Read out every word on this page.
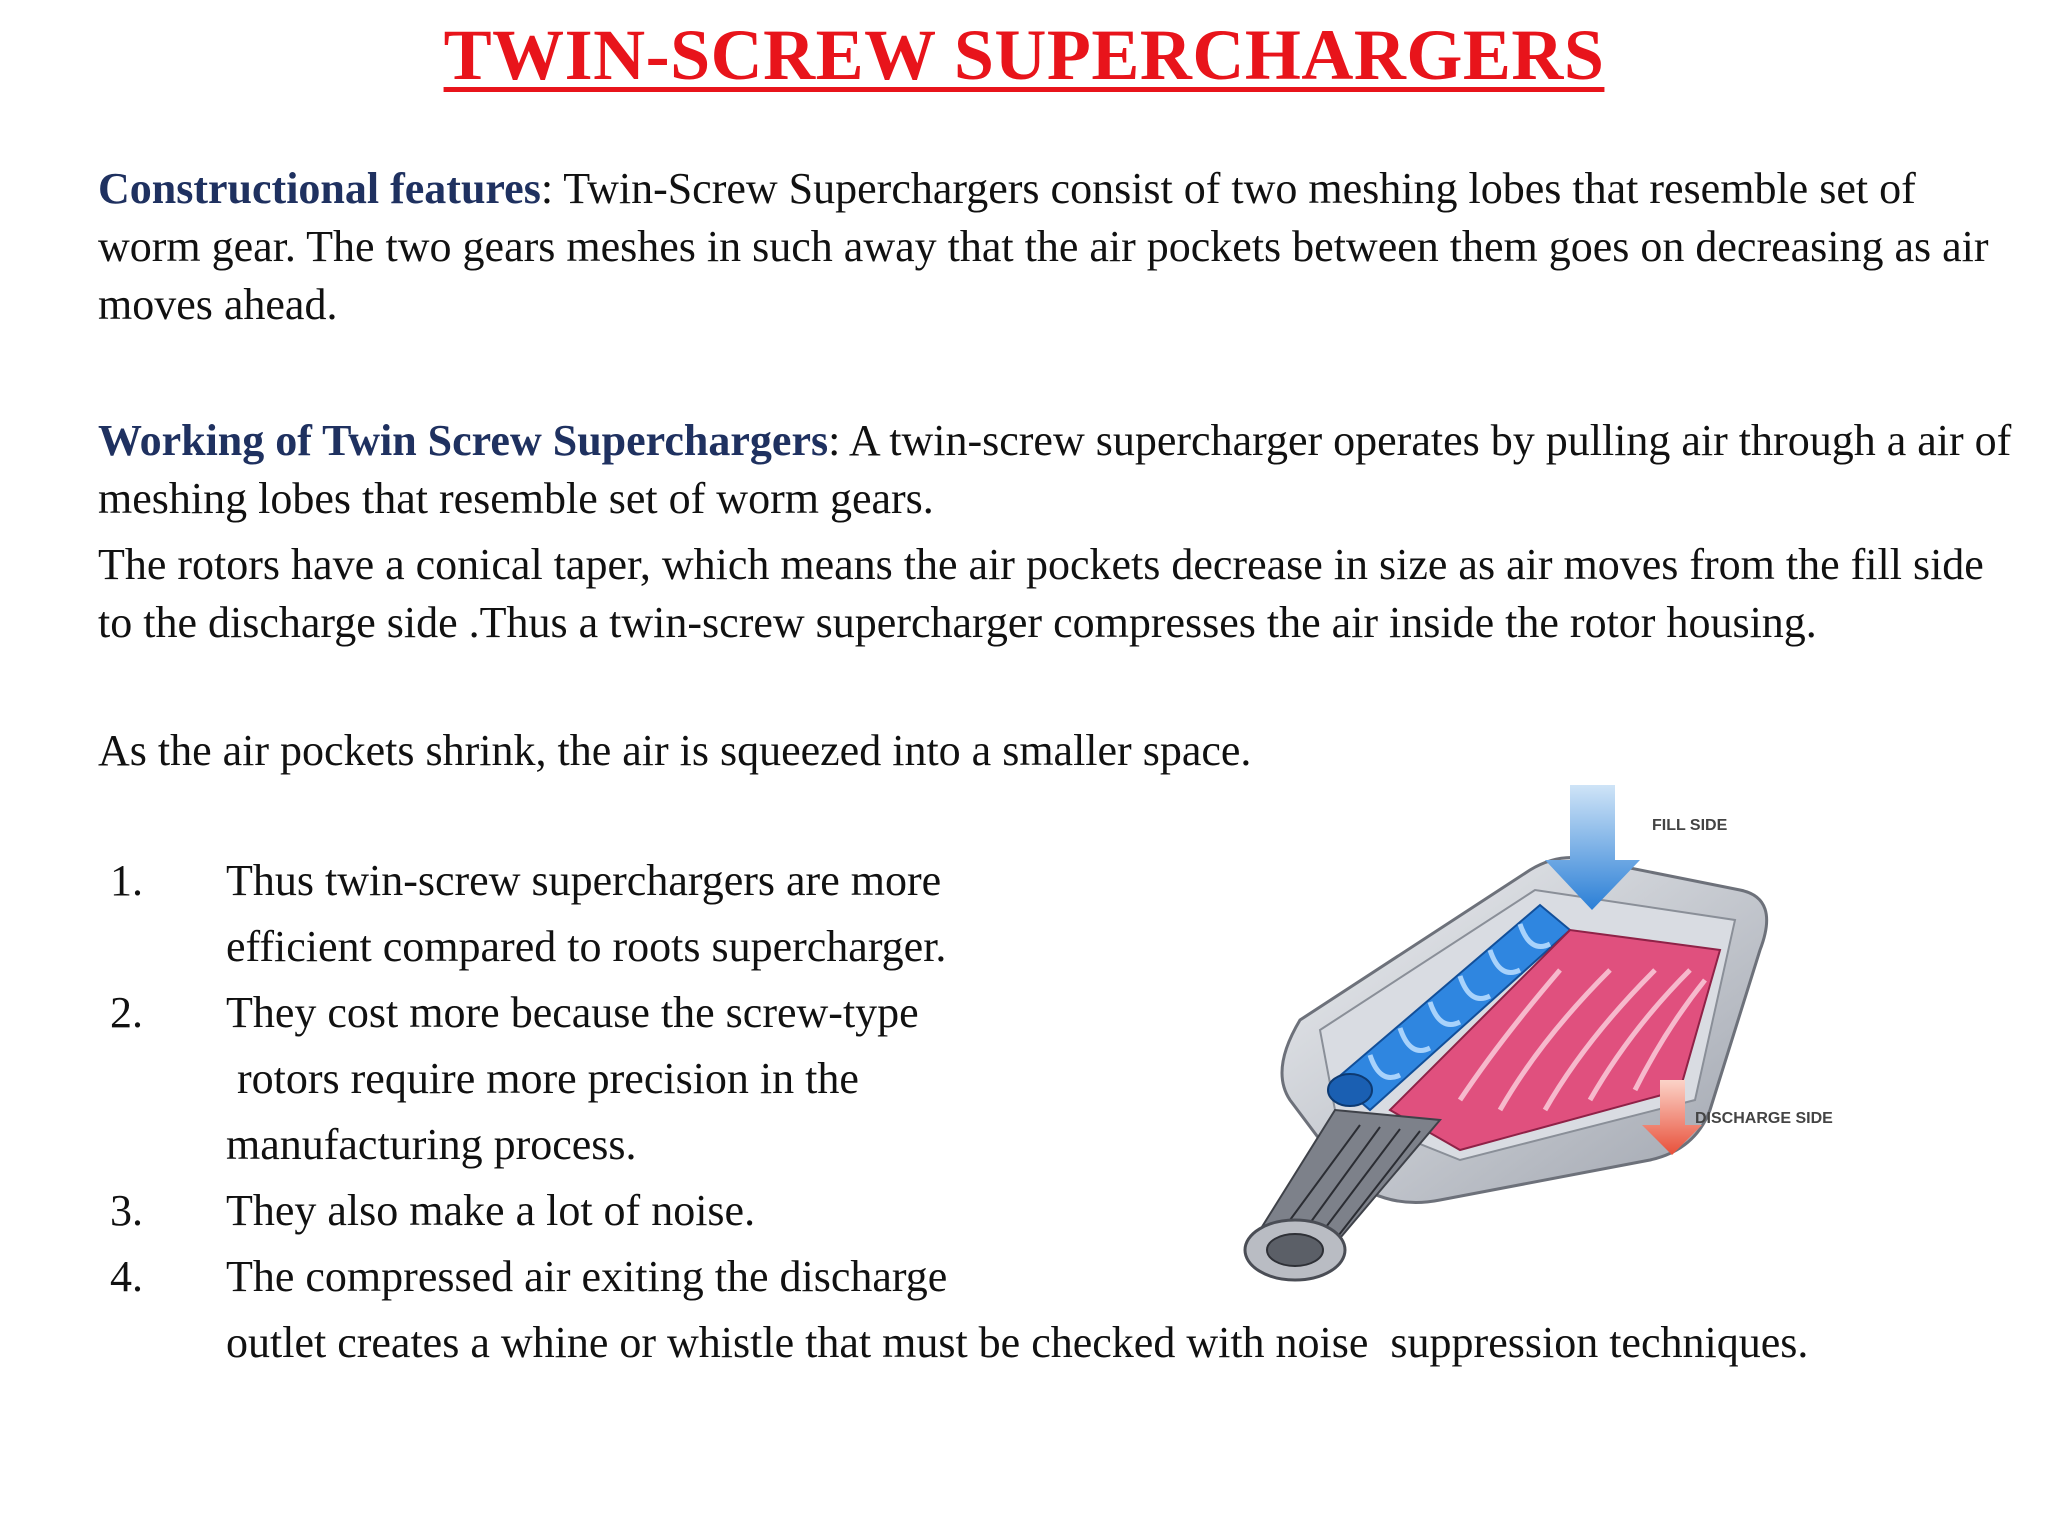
TWIN-SCREW SUPERCHARGERS
Constructional features: Twin-Screw Superchargers consist of two meshing lobes that resemble set of worm gear. The two gears meshes in such away that the air pockets between them goes on decreasing as air moves ahead.
Working of Twin Screw Superchargers: A twin-screw supercharger operates by pulling air through a air of meshing lobes that resemble set of worm gears.
The rotors have a conical taper, which means the air pockets decrease in size as air moves from the fill side to the discharge side .Thus a twin-screw supercharger compresses the air inside the rotor housing.
As the air pockets shrink, the air is squeezed into a smaller space.
1. Thus twin-screw superchargers are more
efficient compared to roots supercharger.
2. They cost more because the screw-type
rotors require more precision in the
manufacturing process.
3. They also make a lot of noise.
4. The compressed air exiting the discharge
outlet creates a whine or whistle that must be checked with noise  suppression techniques.
FILL SIDE
DISCHARGE SIDE
